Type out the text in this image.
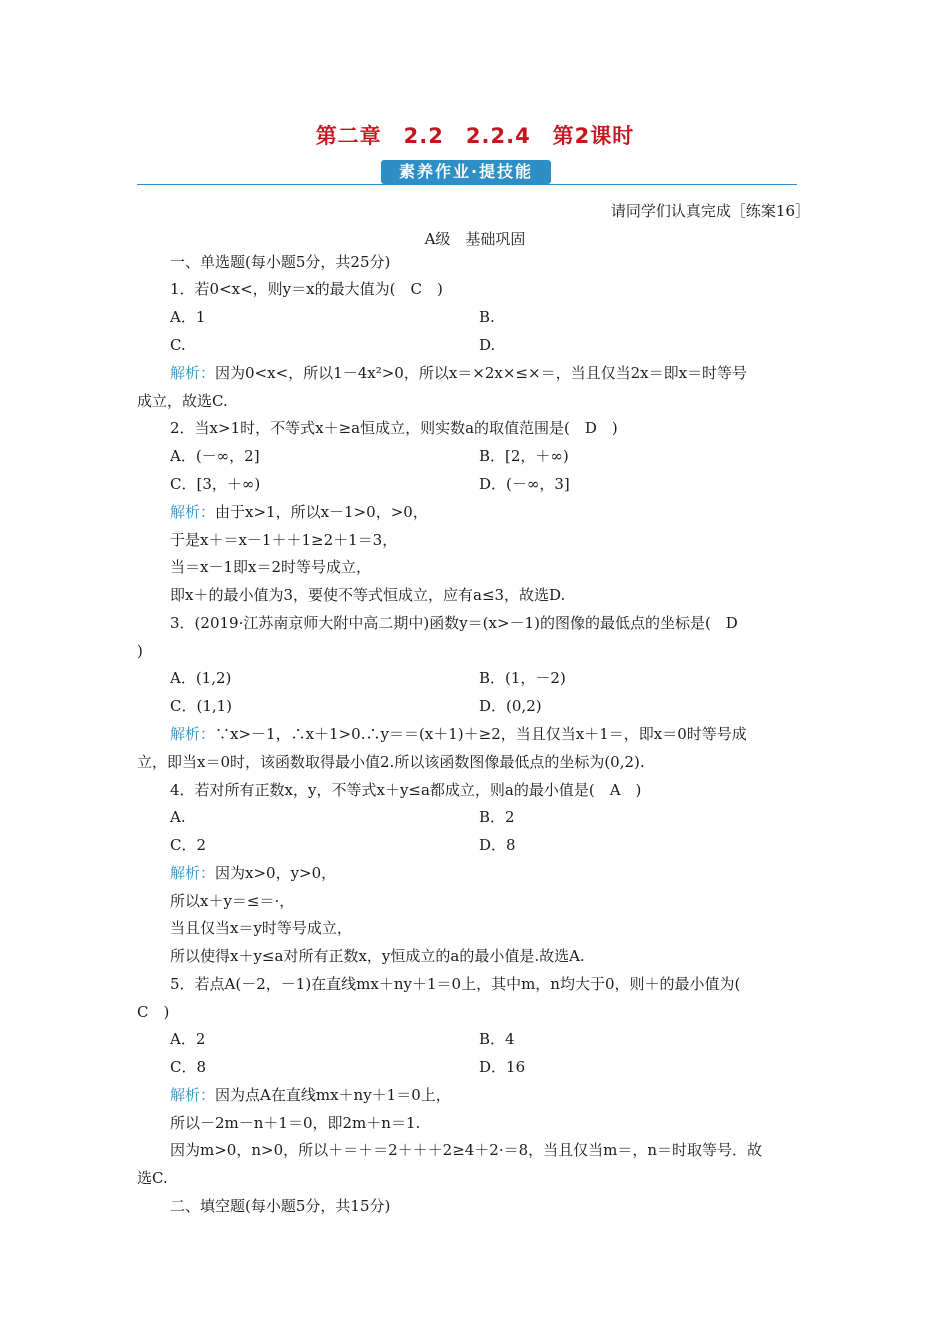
第二章　2.2　2.2.4　第2课时
素养作业·提技能
请同学们认真完成［练案16］
A级　基础巩固
一、单选题(每小题5分，共25分)
1．若0<x<，则y＝x的最大值为(　C　)
A．1	B.
C.	D.
解析：因为0<x<，所以1－4x²>0，所以x＝×2x×≤×＝，当且仅当2x＝即x＝时等号
成立，故选C.
2．当x>1时，不等式x＋≥a恒成立，则实数a的取值范围是(　D　)
A．(－∞，2]	B．[2，＋∞)
C．[3，＋∞)	D．(－∞，3]
解析：由于x>1，所以x－1>0，>0，
于是x＋＝x－1＋＋1≥2＋1＝3，
当＝x－1即x＝2时等号成立，
即x＋的最小值为3，要使不等式恒成立，应有a≤3，故选D.
3．(2019·江苏南京师大附中高二期中)函数y＝(x>－1)的图像的最低点的坐标是(　D
)
A．(1,2)	B．(1，－2)
C．(1,1)	D．(0,2)
解析：∵x>－1，∴x＋1>0.∴y＝＝(x＋1)＋≥2，当且仅当x＋1＝，即x＝0时等号成
立，即当x＝0时，该函数取得最小值2.所以该函数图像最低点的坐标为(0,2).
4．若对所有正数x，y，不等式x＋y≤a都成立，则a的最小值是(　A　)
A.	B．2
C．2	D．8
解析：因为x>0，y>0，
所以x＋y＝≤＝·，
当且仅当x＝y时等号成立，
所以使得x＋y≤a对所有正数x，y恒成立的a的最小值是.故选A.
5．若点A(－2，－1)在直线mx＋ny＋1＝0上，其中m，n均大于0，则＋的最小值为(
C　)
A．2	B．4
C．8	D．16
解析：因为点A在直线mx＋ny＋1＝0上，
所以－2m－n＋1＝0，即2m＋n＝1.
因为m>0，n>0，所以＋＝＋＝2＋＋＋2≥4＋2·＝8，当且仅当m＝，n＝时取等号．故
选C.
二、填空题(每小题5分，共15分)
